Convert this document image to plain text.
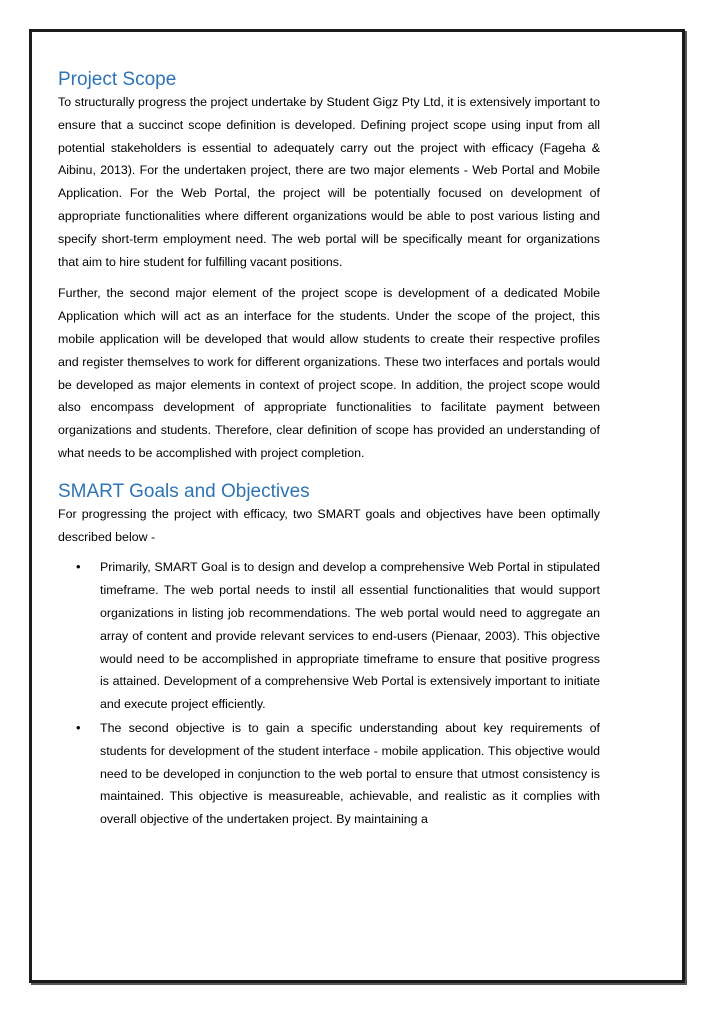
Project Scope

To structurally progress the project undertake by Student Gigz Pty Ltd, it is extensively important to ensure that a succinct scope definition is developed. Defining project scope using input from all potential stakeholders is essential to adequately carry out the project with efficacy (Fageha & Aibinu, 2013). For the undertaken project, there are two major elements - Web Portal and Mobile Application. For the Web Portal, the project will be potentially focused on development of appropriate functionalities where different organizations would be able to post various listing and specify short-term employment need. The web portal will be specifically meant for organizations that aim to hire student for fulfilling vacant positions.

Further, the second major element of the project scope is development of a dedicated Mobile Application which will act as an interface for the students. Under the scope of the project, this mobile application will be developed that would allow students to create their respective profiles and register themselves to work for different organizations. These two interfaces and portals would be developed as major elements in context of project scope. In addition, the project scope would also encompass development of appropriate functionalities to facilitate payment between organizations and students. Therefore, clear definition of scope has provided an understanding of what needs to be accomplished with project completion.

SMART Goals and Objectives

For progressing the project with efficacy, two SMART goals and objectives have been optimally described below -

• Primarily, SMART Goal is to design and develop a comprehensive Web Portal in stipulated timeframe. The web portal needs to instil all essential functionalities that would support organizations in listing job recommendations. The web portal would need to aggregate an array of content and provide relevant services to end-users (Pienaar, 2003). This objective would need to be accomplished in appropriate timeframe to ensure that positive progress is attained. Development of a comprehensive Web Portal is extensively important to initiate and execute project efficiently.
• The second objective is to gain a specific understanding about key requirements of students for development of the student interface - mobile application. This objective would need to be developed in conjunction to the web portal to ensure that utmost consistency is maintained. This objective is measureable, achievable, and realistic as it complies with overall objective of the undertaken project. By maintaining a
